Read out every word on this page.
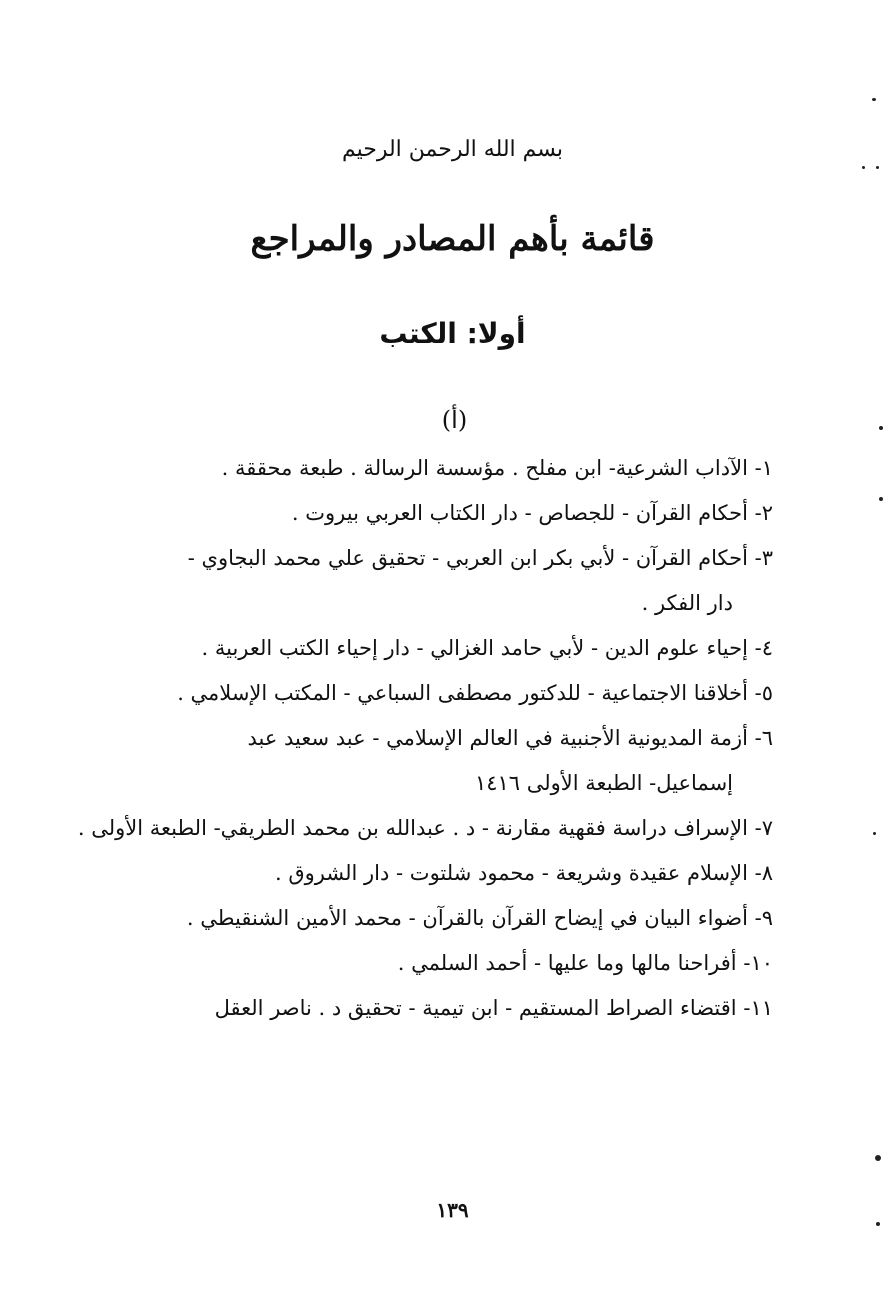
بسم الله الرحمن الرحيم
قائمة بأهم المصادر والمراجع
أولا: الكتب
(أ)
١- الآداب الشرعية- ابن مفلح . مؤسسة الرسالة . طبعة محققة .
٢- أحكام القرآن - للجصاص - دار الكتاب العربي بيروت .
٣- أحكام القرآن - لأبي بكر ابن العربي - تحقيق علي محمد البجاوي -
دار الفكر .
٤- إحياء علوم الدين - لأبي حامد الغزالي - دار إحياء الكتب العربية .
٥- أخلاقنا الاجتماعية - للدكتور مصطفى السباعي - المكتب الإسلامي .
٦- أزمة المديونية الأجنبية في العالم الإسلامي - عبد سعيد عبد
إسماعيل- الطبعة الأولى ١٤١٦
٧- الإسراف دراسة فقهية مقارنة - د . عبدالله بن محمد الطريقي- الطبعة الأولى .
٨- الإسلام عقيدة وشريعة - محمود شلتوت - دار الشروق .
٩- أضواء البيان في إيضاح القرآن بالقرآن - محمد الأمين الشنقيطي .
١٠- أفراحنا مالها وما عليها - أحمد السلمي .
١١- اقتضاء الصراط المستقيم - ابن تيمية - تحقيق د . ناصر العقل
١٣٩
